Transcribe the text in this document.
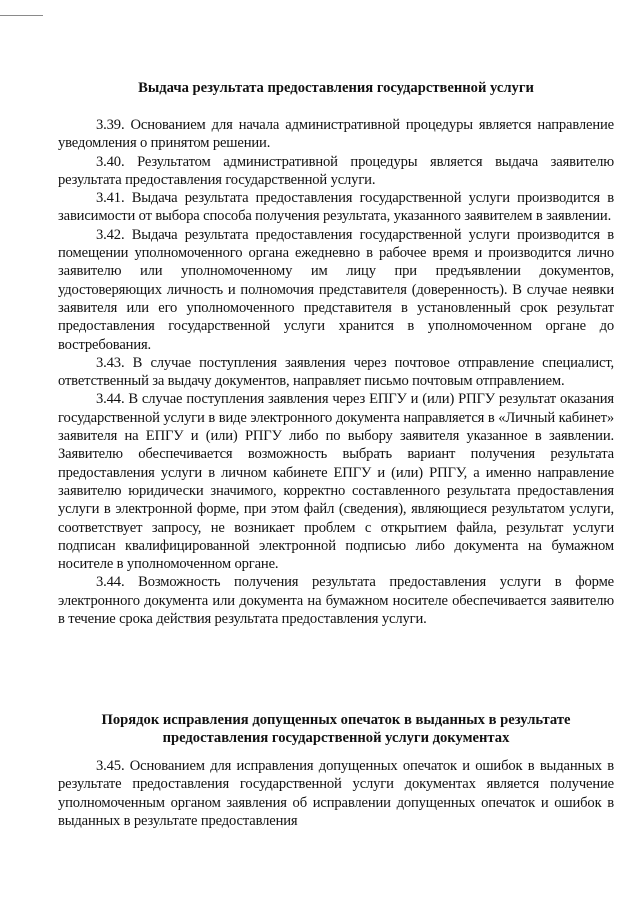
Выдача результата предоставления государственной услуги

3.39. Основанием для начала административной процедуры является направление уведомления о принятом решении.

3.40. Результатом административной процедуры является выдача заявителю результата предоставления государственной услуги.

3.41. Выдача результата предоставления государственной услуги производится в зависимости от выбора способа получения результата, указанного заявителем в заявлении.

3.42. Выдача результата предоставления государственной услуги производится в помещении уполномоченного органа ежедневно в рабочее время и производится лично заявителю или уполномоченному им лицу при предъявлении документов, удостоверяющих личность и полномочия представителя (доверенность). В случае неявки заявителя или его уполномоченного представителя в установленный срок результат предоставления государственной услуги хранится в уполномоченном органе до востребования.

3.43. В случае поступления заявления через почтовое отправление специалист, ответственный за выдачу документов, направляет письмо почтовым отправлением.

3.44. В случае поступления заявления через ЕПГУ и (или) РПГУ результат оказания государственной услуги в виде электронного документа направляется в «Личный кабинет» заявителя на ЕПГУ и (или) РПГУ либо по выбору заявителя указанное в заявлении. Заявителю обеспечивается возможность выбрать вариант получения результата предоставления услуги в личном кабинете ЕПГУ и (или) РПГУ, а именно направление заявителю юридически значимого, корректно составленного результата предоставления услуги в электронной форме, при этом файл (сведения), являющиеся результатом услуги, соответствует запросу, не возникает проблем с открытием файла, результат услуги подписан квалифицированной электронной подписью либо документа на бумажном носителе в уполномоченном органе.

3.44. Возможность получения результата предоставления услуги в форме электронного документа или документа на бумажном носителе обеспечивается заявителю в течение срока действия результата предоставления услуги.

Порядок исправления допущенных опечаток в выданных в результате
предоставления государственной услуги документах

3.45. Основанием для исправления допущенных опечаток и ошибок в выданных в результате предоставления государственной услуги документах является получение уполномоченным органом заявления об исправлении допущенных опечаток и ошибок в выданных в результате предоставления
